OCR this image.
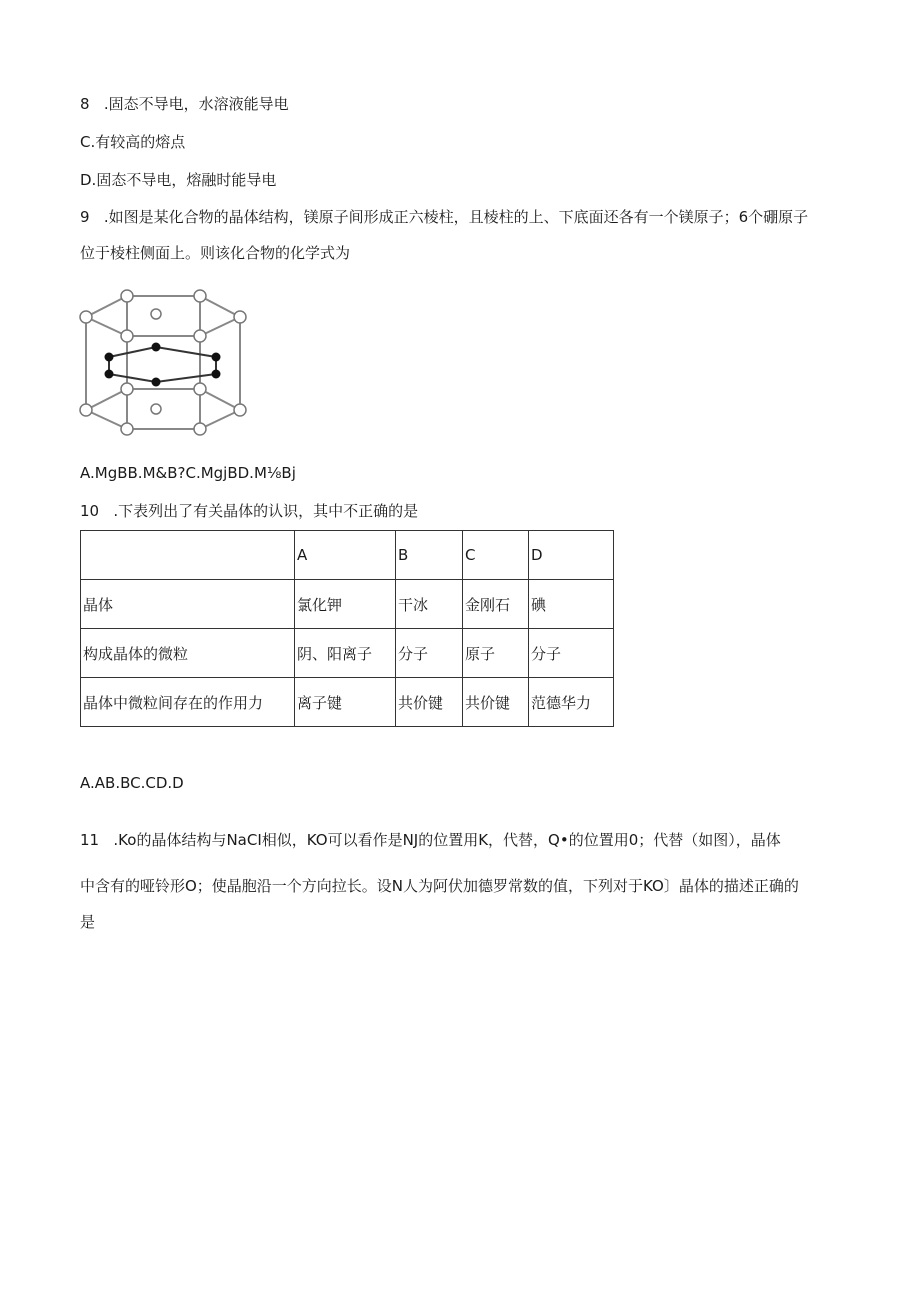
8 .固态不导电，水溶液能导电
C.有较高的熔点
D.固态不导电，熔融时能导电
9 .如图是某化合物的晶体结构，镁原子间形成正六棱柱，且棱柱的上、下底面还各有一个镁原子；6个硼原子
位于棱柱侧面上。则该化合物的化学式为
A.MgBB.M&B?C.MgjBD.M⅛Bj
10 .下表列出了有关晶体的认识，其中不正确的是
	A	B	C	D
晶体	氯化钾	干冰	金刚石	碘
构成晶体的微粒	阴、阳离子	分子	原子	分子
晶体中微粒间存在的作用力	离子键	共价键	共价键	范德华力
A.AB.BC.CD.D
11 .Ko的晶体结构与NaCI相似，KO可以看作是NJ的位置用K，代替，Q•的位置用0；代替（如图），晶体
中含有的哑铃形O；使晶胞沿一个方向拉长。设N人为阿伏加德罗常数的值，下列对于KO〕晶体的描述正确的
是
